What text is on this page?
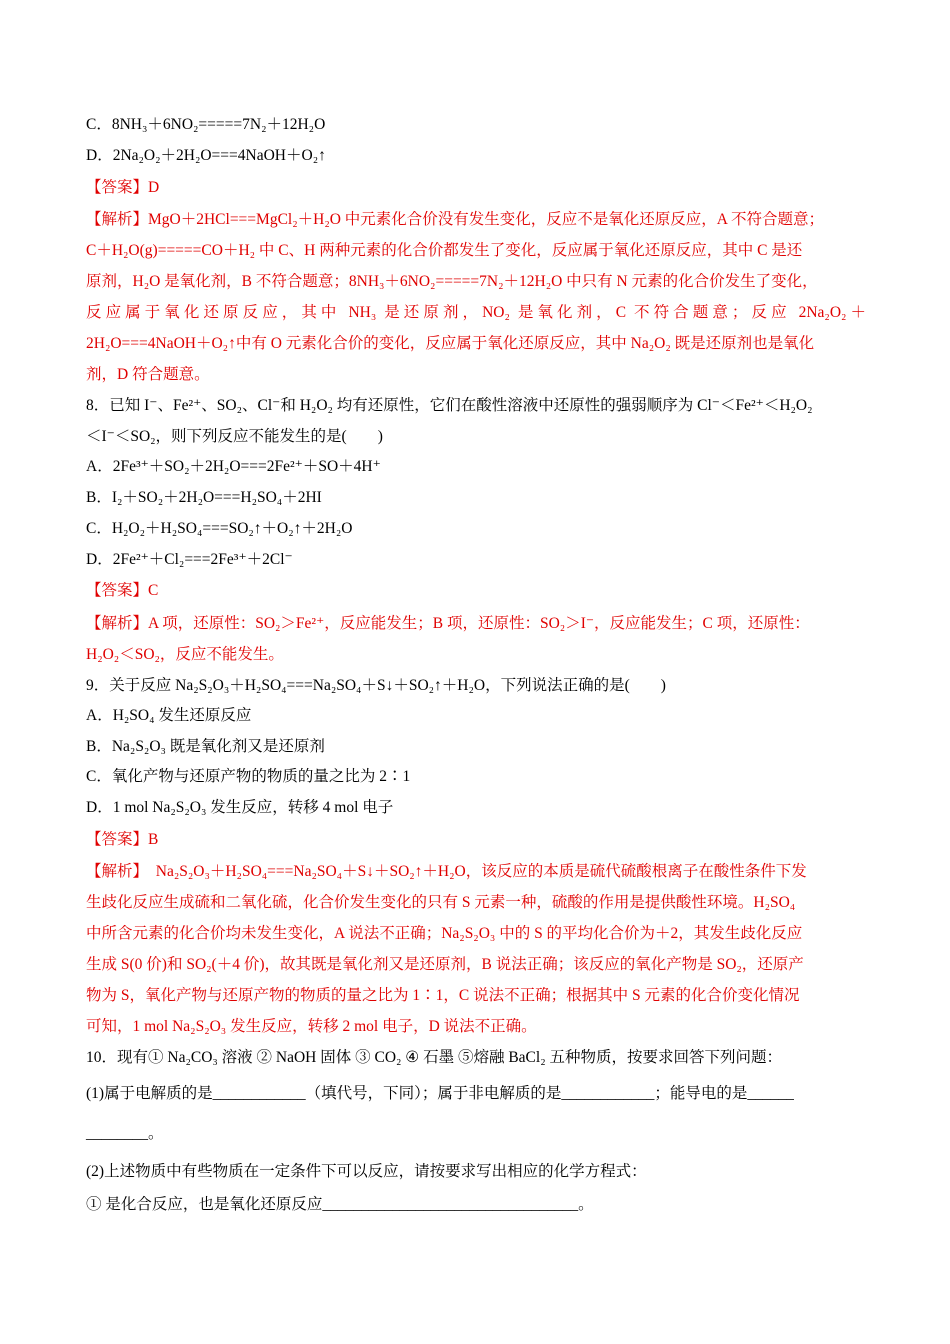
C．8NH₃＋6NO₂=====7N₂＋12H₂O
D．2Na₂O₂＋2H₂O===4NaOH＋O₂↑
【答案】D
【解析】MgO＋2HCl===MgCl₂＋H₂O 中元素化合价没有发生变化，反应不是氧化还原反应，A 不符合题意；
C＋H₂O(g)=====CO＋H₂ 中 C、H 两种元素的化合价都发生了变化，反应属于氧化还原反应，其中 C 是还
原剂，H₂O 是氧化剂，B 不符合题意；8NH₃＋6NO₂=====7N₂＋12H₂O 中只有 N 元素的化合价发生了变化，
反应属于氧化还原反应，其中 NH₃ 是还原剂，NO₂ 是氧化剂，C 不符合题意；反应 2Na₂O₂＋
2H₂O===4NaOH＋O₂↑中有 O 元素化合价的变化，反应属于氧化还原反应，其中 Na₂O₂ 既是还原剂也是氧化
剂，D 符合题意。
8．已知 I⁻、Fe²⁺、SO₂、Cl⁻和 H₂O₂ 均有还原性，它们在酸性溶液中还原性的强弱顺序为 Cl⁻＜Fe²⁺＜H₂O₂
＜I⁻＜SO₂，则下列反应不能发生的是(　　)
A．2Fe³⁺＋SO₂＋2H₂O===2Fe²⁺＋SO＋4H⁺
B．I₂＋SO₂＋2H₂O===H₂SO₄＋2HI
C．H₂O₂＋H₂SO₄===SO₂↑＋O₂↑＋2H₂O
D．2Fe²⁺＋Cl₂===2Fe³⁺＋2Cl⁻
【答案】C
【解析】A 项，还原性：SO₂＞Fe²⁺，反应能发生；B 项，还原性：SO₂＞I⁻，反应能发生；C 项，还原性：
H₂O₂＜SO₂，反应不能发生。
9．关于反应 Na₂S₂O₃＋H₂SO₄===Na₂SO₄＋S↓＋SO₂↑＋H₂O，下列说法正确的是(　　)
A．H₂SO₄ 发生还原反应
B．Na₂S₂O₃ 既是氧化剂又是还原剂
C．氧化产物与还原产物的物质的量之比为 2∶1
D．1 mol Na₂S₂O₃ 发生反应，转移 4 mol 电子
【答案】B
【解析】　Na₂S₂O₃＋H₂SO₄===Na₂SO₄＋S↓＋SO₂↑＋H₂O，该反应的本质是硫代硫酸根离子在酸性条件下发
生歧化反应生成硫和二氧化硫，化合价发生变化的只有 S 元素一种，硫酸的作用是提供酸性环境。H₂SO₄
中所含元素的化合价均未发生变化，A 说法不正确；Na₂S₂O₃ 中的 S 的平均化合价为＋2，其发生歧化反应
生成 S(0 价)和 SO₂(＋4 价)，故其既是氧化剂又是还原剂，B 说法正确；该反应的氧化产物是 SO₂，还原产
物为 S，氧化产物与还原产物的物质的量之比为 1∶1，C 说法不正确；根据其中 S 元素的化合价变化情况
可知，1 mol Na₂S₂O₃ 发生反应，转移 2 mol 电子，D 说法不正确。
10．现有① Na₂CO₃ 溶液 ② NaOH 固体 ③ CO₂ ④ 石墨 ⑤熔融 BaCl₂ 五种物质，按要求回答下列问题：
(1)属于电解质的是____________（填代号，下同）；属于非电解质的是____________；能导电的是______
________。
(2)上述物质中有些物质在一定条件下可以反应，请按要求写出相应的化学方程式：
① 是化合反应，也是氧化还原反应_________________________________。
